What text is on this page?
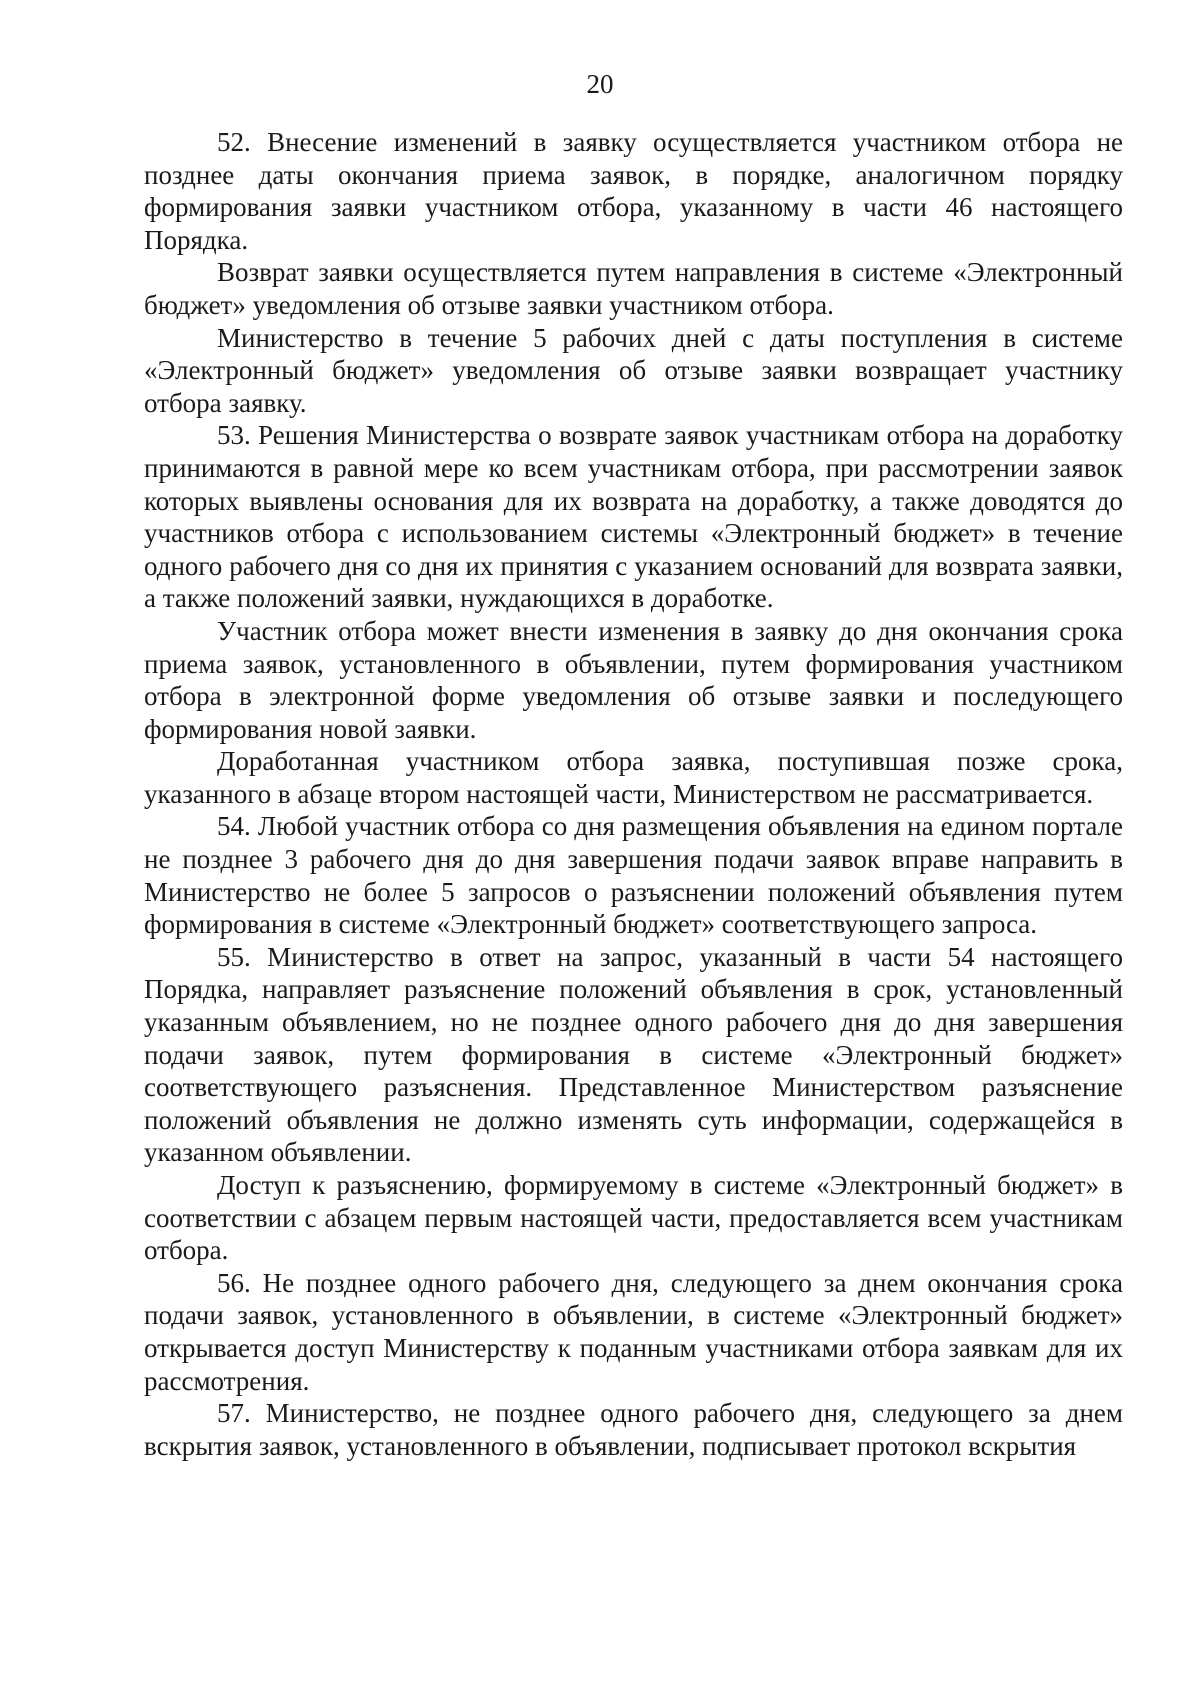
20

52. Внесение изменений в заявку осуществляется участником отбора не позднее даты окончания приема заявок, в порядке, аналогичном порядку формирования заявки участником отбора, указанному в части 46 настоящего Порядка.

Возврат заявки осуществляется путем направления в системе «Электронный бюджет» уведомления об отзыве заявки участником отбора.

Министерство в течение 5 рабочих дней с даты поступления в системе «Электронный бюджет» уведомления об отзыве заявки возвращает участнику отбора заявку.

53. Решения Министерства о возврате заявок участникам отбора на доработку принимаются в равной мере ко всем участникам отбора, при рассмотрении заявок которых выявлены основания для их возврата на доработку, а также доводятся до участников отбора с использованием системы «Электронный бюджет» в течение одного рабочего дня со дня их принятия с указанием оснований для возврата заявки, а также положений заявки, нуждающихся в доработке.

Участник отбора может внести изменения в заявку до дня окончания срока приема заявок, установленного в объявлении, путем формирования участником отбора в электронной форме уведомления об отзыве заявки и последующего формирования новой заявки.

Доработанная участником отбора заявка, поступившая позже срока, указанного в абзаце втором настоящей части, Министерством не рассматривается.

54. Любой участник отбора со дня размещения объявления на едином портале не позднее 3 рабочего дня до дня завершения подачи заявок вправе направить в Министерство не более 5 запросов о разъяснении положений объявления путем формирования в системе «Электронный бюджет» соответствующего запроса.

55. Министерство в ответ на запрос, указанный в части 54 настоящего Порядка, направляет разъяснение положений объявления в срок, установленный указанным объявлением, но не позднее одного рабочего дня до дня завершения подачи заявок, путем формирования в системе «Электронный бюджет» соответствующего разъяснения. Представленное Министерством разъяснение положений объявления не должно изменять суть информации, содержащейся в указанном объявлении.

Доступ к разъяснению, формируемому в системе «Электронный бюджет» в соответствии с абзацем первым настоящей части, предоставляется всем участникам отбора.

56. Не позднее одного рабочего дня, следующего за днем окончания срока подачи заявок, установленного в объявлении, в системе «Электронный бюджет» открывается доступ Министерству к поданным участниками отбора заявкам для их рассмотрения.

57. Министерство, не позднее одного рабочего дня, следующего за днем вскрытия заявок, установленного в объявлении, подписывает протокол вскрытия
